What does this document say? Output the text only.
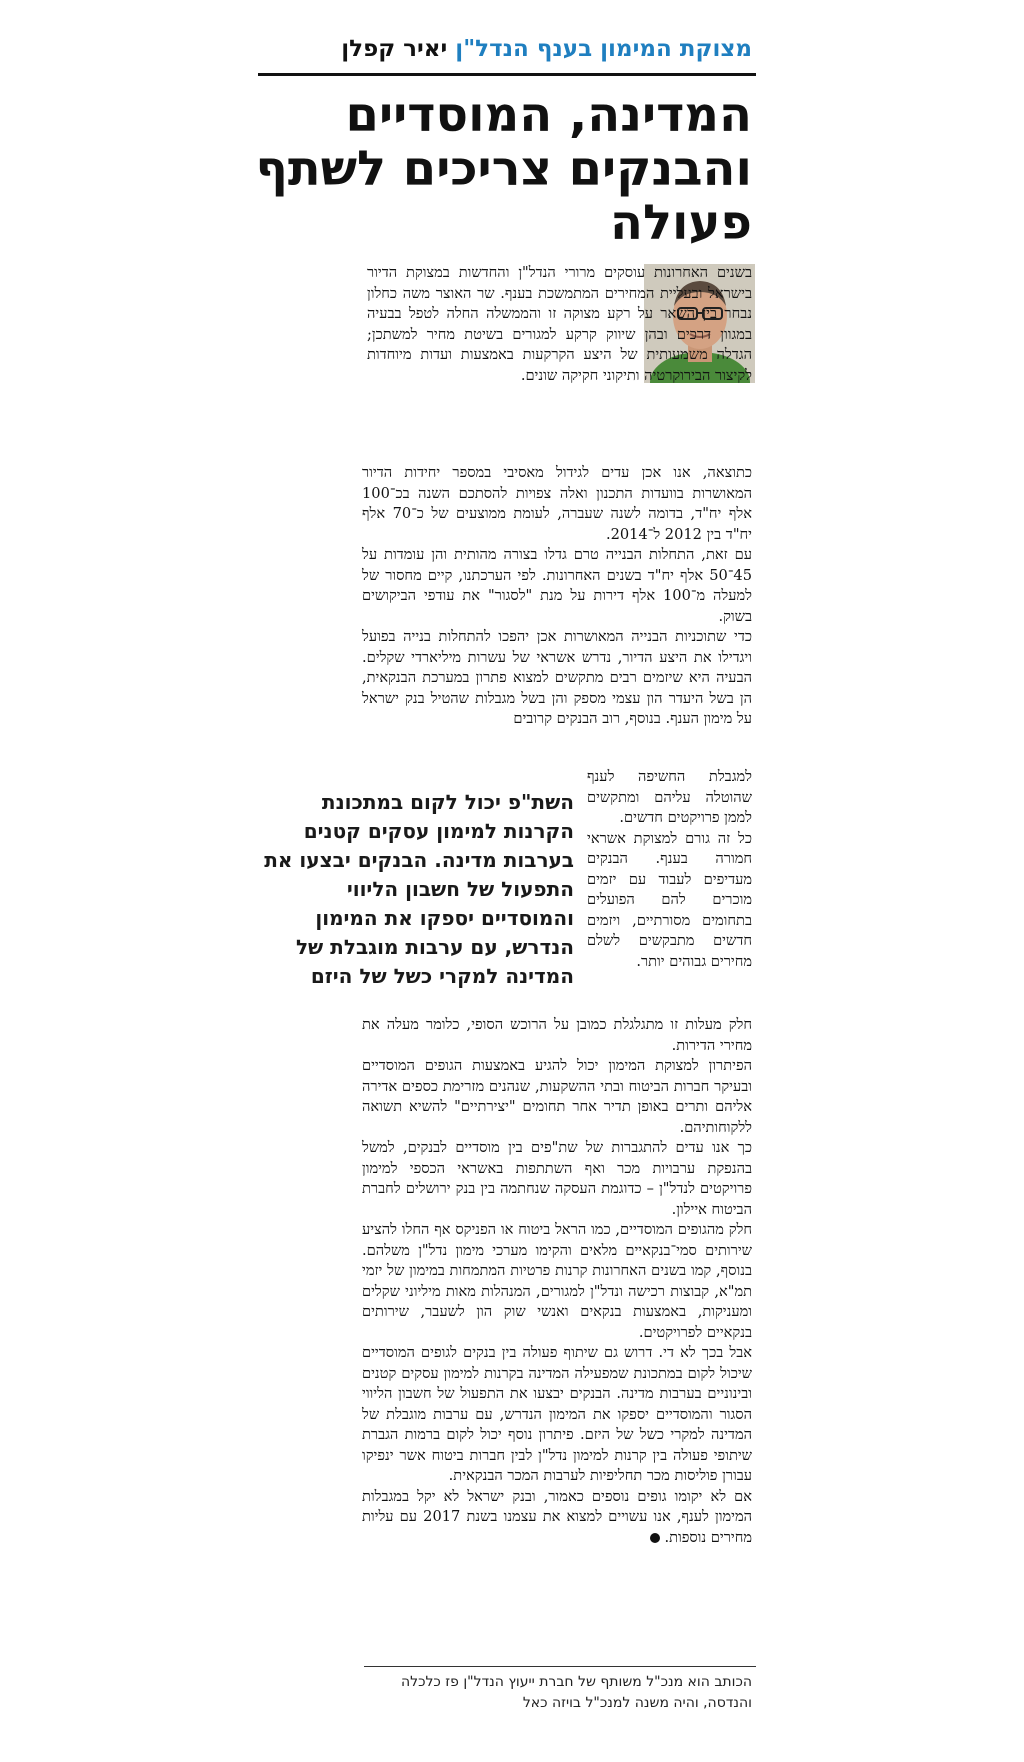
מצוקת המימון בענף הנדל"ן יאיר קפלן
המדינה, המוסדיים והבנקים צריכים לשתף פעולה

בשנים האחרונות עוסקים מרורי הנדל"ן והחדשות במצוקת הדיור בישראל ובעליית המחירים המתמשכת בענף. שר האוצר משה כחלון נבחר בין השאר על רקע מצוקה זו והממשלה החלה לטפל בבעיה במגוון דרכים ובהן שיווק קרקע למגורים בשיטת מחיר למשתכן; הגדלה משמעותית של היצע הקרקעות באמצעות ועדות מיוחדות לקיצור הבירוקרטיה ותיקוני חקיקה שונים.

כתוצאה, אנו אכן עדים לגידול מאסיבי במספר יחידות הדיור המאושרות בוועדות התכנון ואלה צפויות להסתכם השנה בכ־100 אלף יח"ד, בדומה לשנה שעברה, לעומת ממוצעים של כ־70 אלף יח"ד בין 2012 ל־2014.

עם זאת, התחלות הבנייה טרם גדלו בצורה מהותית והן עומדות על 45־50 אלף יח"ד בשנים האחרונות. לפי הערכתנו, קיים מחסור של למעלה מ־100 אלף דירות על מנת "לסגור" את עודפי הביקושים בשוק.

כדי שתוכניות הבנייה המאושרות אכן יהפכו להתחלות בנייה בפועל ויגדילו את היצע הדיור, נדרש אשראי של עשרות מיליארדי שקלים. הבעיה היא שיזמים רבים מתקשים למצוא פתרון במערכת הבנקאית, הן בשל היעדר הון עצמי מספק והן בשל מגבלות שהטיל בנק ישראל על מימון הענף. בנוסף, רוב הבנקים קרובים

למגבלת החשיפה לענף שהוטלה עליהם ומתקשים לממן פרויקטים חדשים.

כל זה גורם למצוקת אשראי חמורה בענף. הבנקים מעדיפים לעבוד עם יזמים מוכרים להם הפועלים בתחומים מסורתיים, ויזמים חדשים מתבקשים לשלם מחירים גבוהים יותר.

השת"פ יכול לקום במתכונת הקרנות למימון עסקים קטנים בערבות מדינה. הבנקים יבצעו את התפעול של חשבון הליווי והמוסדיים יספקו את המימון הנדרש, עם ערבות מוגבלת של המדינה למקרי כשל של היזם

חלק מעלות זו מתגלגלת כמובן על הרוכש הסופי, כלומר מעלה את מחירי הדירות.

הפיתרון למצוקת המימון יכול להגיע באמצעות הגופים המוסדיים ובעיקר חברות הביטוח ובתי ההשקעות, שנהנים מזרימת כספים אדירה אליהם ותרים באופן תדיר אחר תחומים "יצירתיים" להשיא תשואה ללקוחותיהם.

כך אנו עדים להתגברות של שת"פים בין מוסדיים לבנקים, למשל בהנפקת ערבויות מכר ואף השתתפות באשראי הכספי למימון פרויקטים לנדל"ן – כדוגמת העסקה שנחתמה בין בנק ירושלים לחברת הביטוח איילון.

חלק מהגופים המוסדיים, כמו הראל ביטוח או הפניקס אף החלו להציע שירותים סמי־בנקאיים מלאים והקימו מערכי מימון נדל"ן משלהם. בנוסף, קמו בשנים האחרונות קרנות פרטיות המתמחות במימון של יזמי תמ"א, קבוצות רכישה ונדל"ן למגורים, המנהלות מאות מיליוני שקלים ומעניקות, באמצעות בנקאים ואנשי שוק הון לשעבר, שירותים בנקאיים לפרויקטים.

אבל בכך לא די. דרוש גם שיתוף פעולה בין בנקים לגופים המוסדיים שיכול לקום במתכונת שמפעילה המדינה בקרנות למימון עסקים קטנים ובינוניים בערבות מדינה. הבנקים יבצעו את התפעול של חשבון הליווי הסגור והמוסדיים יספקו את המימון הנדרש, עם ערבות מוגבלת של המדינה למקרי כשל של היזם. פיתרון נוסף יכול לקום ברמות הגברת שיתופי פעולה בין קרנות למימון נדל"ן לבין חברות ביטוח אשר ינפיקו עבורן פוליסות מכר תחליפיות לערבות המכר הבנקאית.

אם לא יקומו גופים נוספים כאמור, ובנק ישראל לא יקל במגבלות המימון לענף, אנו עשויים למצוא את עצמנו בשנת 2017 עם עליות מחירים נוספות.

הכותב הוא מנכ"ל משותף של חברת ייעוץ הנדל"ן פז כלכלה והנדסה, והיה משנה למנכ"ל בויזה כאל
